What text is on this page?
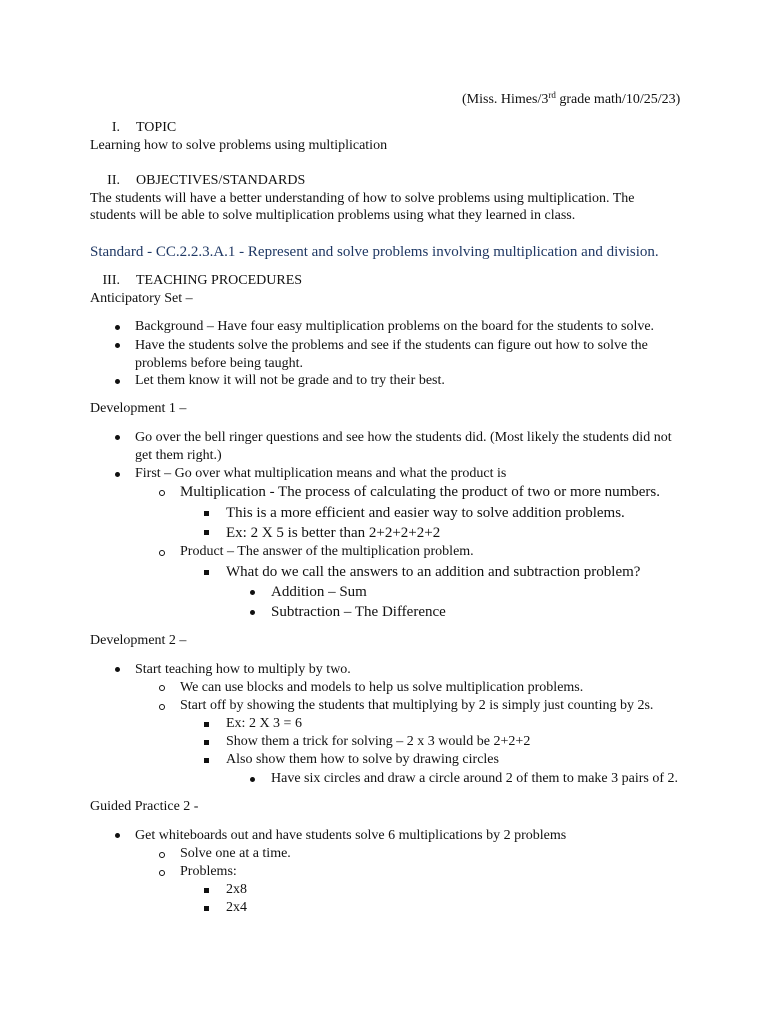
(Miss. Himes/3rd grade math/10/25/23)
I. TOPIC
Learning how to solve problems using multiplication
II. OBJECTIVES/STANDARDS
The students will have a better understanding of how to solve problems using multiplication. The
students will be able to solve multiplication problems using what they learned in class.
Standard - CC.2.2.3.A.1 - Represent and solve problems involving multiplication and division.
III. TEACHING PROCEDURES
Anticipatory Set –
Background – Have four easy multiplication problems on the board for the students to solve.
Have the students solve the problems and see if the students can figure out how to solve the
problems before being taught.
Let them know it will not be grade and to try their best.
Development 1 –
Go over the bell ringer questions and see how the students did. (Most likely the students did not
get them right.)
First – Go over what multiplication means and what the product is
Multiplication - The process of calculating the product of two or more numbers.
This is a more efficient and easier way to solve addition problems.
Ex: 2 X 5 is better than 2+2+2+2+2
Product – The answer of the multiplication problem.
What do we call the answers to an addition and subtraction problem?
Addition – Sum
Subtraction – The Difference
Development 2 –
Start teaching how to multiply by two.
We can use blocks and models to help us solve multiplication problems.
Start off by showing the students that multiplying by 2 is simply just counting by 2s.
Ex: 2 X 3 = 6
Show them a trick for solving – 2 x 3 would be 2+2+2
Also show them how to solve by drawing circles
Have six circles and draw a circle around 2 of them to make 3 pairs of 2.
Guided Practice 2 -
Get whiteboards out and have students solve 6 multiplications by 2 problems
Solve one at a time.
Problems:
2x8
2x4
